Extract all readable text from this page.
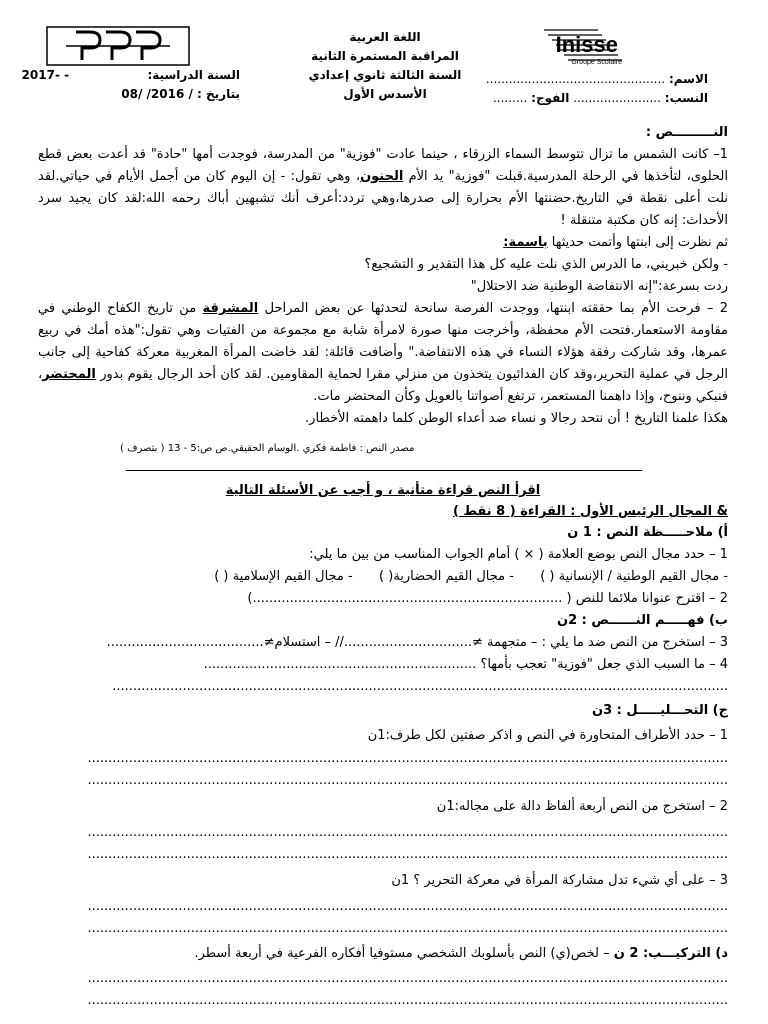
Inisse
Groupe Scolaire
الاسم: ...............................................
النسب: ....................... الفوج: .........
اللغة العربية
المراقبة المستمرة الثانية
السنة الثالثة ثانوي إعدادي
الأسدس الأول
السنة الدراسية:  2017- -
بتاريخ : 08/ /2016 /

النـــــــــص :

1– كانت الشمس ما تزال تتوسط السماء الزرقاء ، حينما عادت "فوزية" من المدرسة، فوجدت أمها "حادة" قد أعدت بعض قطع الحلوى، لتأخذها في الرحلة المدرسية.قبلت "فوزية" يد الأم الحنون، وهي تقول: - إن اليوم كان من أجمل الأيام في حياتي.لقد نلت أعلى نقطة في التاريخ.حضنتها الأم بحرارة إلى صدرها،وهي تردد:أعرف أنك تشبهين أباك رحمه الله:لقد كان يجيد سرد الأحداث: إنه كان مكتبة متنقلة !

ثم نظرت إلى ابنتها وأتمت حديثها باسمة:

- ولكن خبريني، ما الدرس الذي نلت عليه كل هذا التقدير و التشجيع؟

ردت بسرعة:"إنه الانتفاضة الوطنية ضد الاحتلال"

2 – فرحت الأم بما حققته ابنتها، ووجدت الفرصة سانحة لتحدثها عن بعض المراحل المشرقة من تاريخ الكفاح الوطني في مقاومة الاستعمار.فتحت الأم محفظة، وأخرجت منها صورة لامرأة شابة مع مجموعة من الفتيات وهي تقول:"هذه أمك في ربيع عمرها، وقد شاركت رفقة هؤلاء النساء في هذه الانتفاضة." وأضافت قائلة: لقد خاضت المرأة المغربية معركة كفاحية إلى جانب الرجل في عملية التحرير،وقد كان الفدائيون يتخذون من منزلي مقرا لحماية المقاومين. لقد كان أحد الرجال يقوم بدور المحتضر، فنبكي وننوح، وإذا داهمنا المستعمر، ترتفع أصواتنا بالعويل وكأن المحتضر مات.

هكذا علمنا التاريخ ! أن نتحد رجالا و نساء ضد أعداء الوطن كلما داهمته الأخطار.

مصدر النص : فاطمة فكري .الوسام الحقيقي.ص ص:5 - 13 ( بتصرف )
اقرأ النص قراءة متأنية ، و أجب عن الأسئلة التالية
& المجال الرئيس الأول : القراءة ( 8 نقط )
أ) ملاحـــــظة النص : 1 ن
1 – حدد مجال النص بوضع العلامة ( × ) أمام الجواب المناسب من بين ما يلي:
- مجال القيم الوطنية / الإنسانية ( )  - مجال القيم الحضارية( )  - مجال القيم الإسلامية ( )
2 – اقترح عنوانا ملائما للنص ( ...........................................................................)
ب) فهـــــم النــــــص : 2ن
3 – استخرج من النص ضد ما يلي : – متجهمة ≠...............................// – استسلام≠......................................
4 – ما السبب الذي جعل "فوزية" تعجب بأمها؟ ..................................................................
.....................................................................................................................................................
ج) التحـــليـــــل : 3ن
1 – حدد الأطراف المتحاورة في النص و اذكر صفتين لكل طرف:1ن
...........................................................................................................................................................
...........................................................................................................................................................
2 – استخرج من النص أربعة ألفاظ دالة على مجاله:1ن
...........................................................................................................................................................
...........................................................................................................................................................
3 – على أي شيء تدل مشاركة المرأة في معركة التحرير ؟ 1ن
...........................................................................................................................................................
...........................................................................................................................................................
د) التركيـــب: 2 ن – لخص(ي) النص بأسلوبك الشخصي مستوفيا أفكاره الفرعية في أربعة أسطر.
...........................................................................................................................................................
...........................................................................................................................................................
